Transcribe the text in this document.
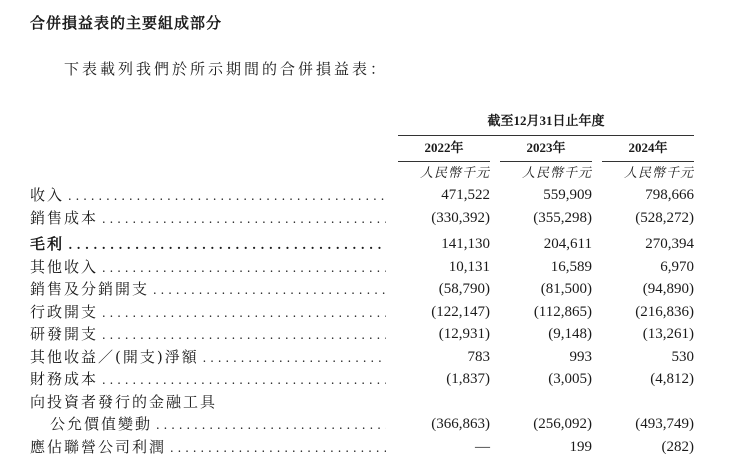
合併損益表的主要組成部分
下表載列我們於所示期間的合併損益表：
截至12月31日止年度
2022年	2023年	2024年
人民幣千元	人民幣千元	人民幣千元
收入 . . .	471,522	559,909	798,666
銷售成本 . . .	(330,392)	(355,298)	(528,272)
毛利 . . .	141,130	204,611	270,394
其他收入 . . .	10,131	16,589	6,970
銷售及分銷開支 . . .	(58,790)	(81,500)	(94,890)
行政開支 . . .	(122,147)	(112,865)	(216,836)
研發開支 . . .	(12,931)	(9,148)	(13,261)
其他收益／(開支)淨額 . . .	783	993	530
財務成本 . . .	(1,837)	(3,005)	(4,812)
向投資者發行的金融工具
公允價值變動 . . .	(366,863)	(256,092)	(493,749)
應佔聯營公司利潤 . . .	—	199	(282)
